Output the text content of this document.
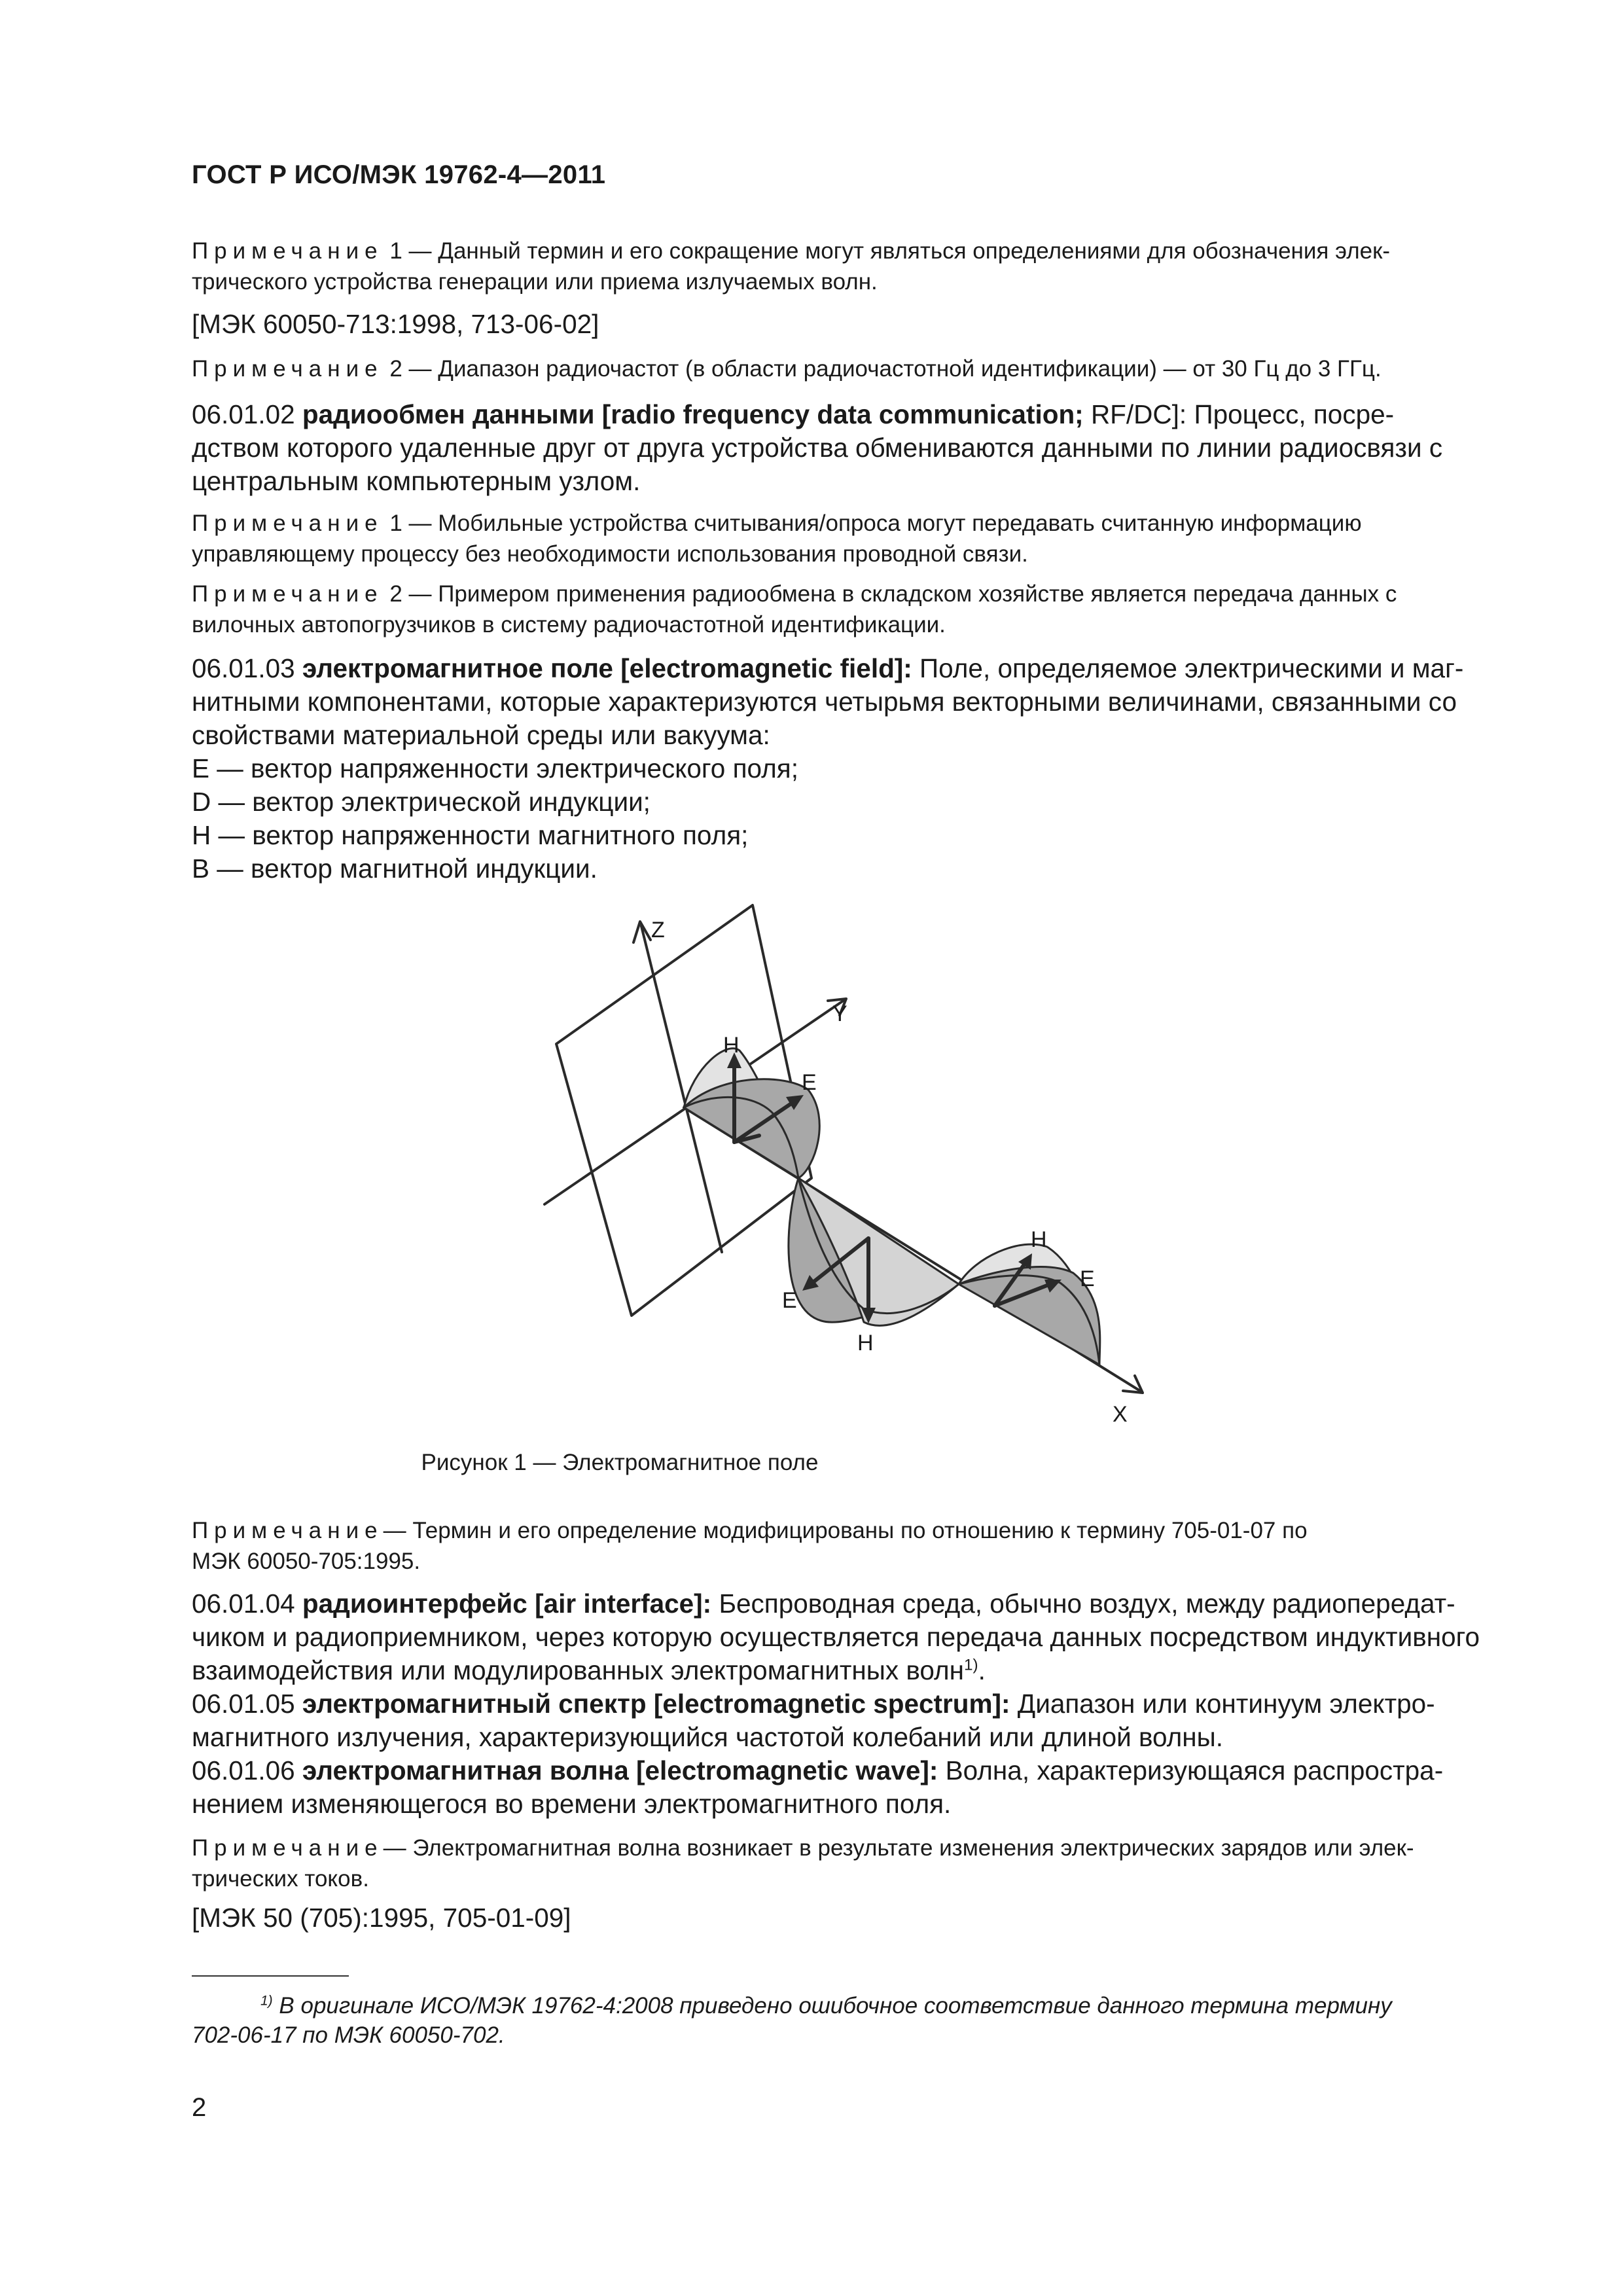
ГОСТ Р ИСО/МЭК 19762-4—2011
Примечание 1 — Данный термин и его сокращение могут являться определениями для обозначения элек-
трического устройства генерации или приема излучаемых волн.
[МЭК 60050-713:1998, 713-06-02]
Примечание 2 — Диапазон радиочастот (в области радиочастотной идентификации) — от 30 Гц до 3 ГГц.
06.01.02 радиообмен данными [radio frequency data communication; RF/DC]: Процесс, посре-
дством которого удаленные друг от друга устройства обмениваются данными по линии радиосвязи с
центральным компьютерным узлом.
Примечание 1 — Мобильные устройства считывания/опроса могут передавать считанную информацию
управляющему процессу без необходимости использования проводной связи.
Примечание 2 — Примером применения радиообмена в складском хозяйстве является передача данных с
вилочных автопогрузчиков в систему радиочастотной идентификации.
06.01.03 электромагнитное поле [electromagnetic field]: Поле, определяемое электрическими и маг-
нитными компонентами, которые характеризуются четырьмя векторными величинами, связанными со
свойствами материальной среды или вакуума:
E — вектор напряженности электрического поля;
D — вектор электрической индукции;
H — вектор напряженности магнитного поля;
B — вектор магнитной индукции.
Z
Y
X
H
E
E
H
H
E
Рисунок 1 — Электромагнитное поле
Примечание— Термин и его определение модифицированы по отношению к термину 705-01-07 по
МЭК 60050-705:1995.
06.01.04 радиоинтерфейс [air interface]: Беспроводная среда, обычно воздух, между радиопередат-
чиком и радиоприемником, через которую осуществляется передача данных посредством индуктивного
взаимодействия или модулированных электромагнитных волн$^{1)}$.
06.01.05 электромагнитный спектр [electromagnetic spectrum]: Диапазон или континуум электро-
магнитного излучения, характеризующийся частотой колебаний или длиной волны.
06.01.06 электромагнитная волна [electromagnetic wave]: Волна, характеризующаяся распростра-
нением изменяющегося во времени электромагнитного поля.
Примечание— Электромагнитная волна возникает в результате изменения электрических зарядов или элек-
трических токов.
[МЭК 50 (705):1995, 705-01-09]
$^{1)}$ В оригинале ИСО/МЭК 19762-4:2008 приведено ошибочное соответствие данного термина термину
702-06-17 по МЭК 60050-702.
2
